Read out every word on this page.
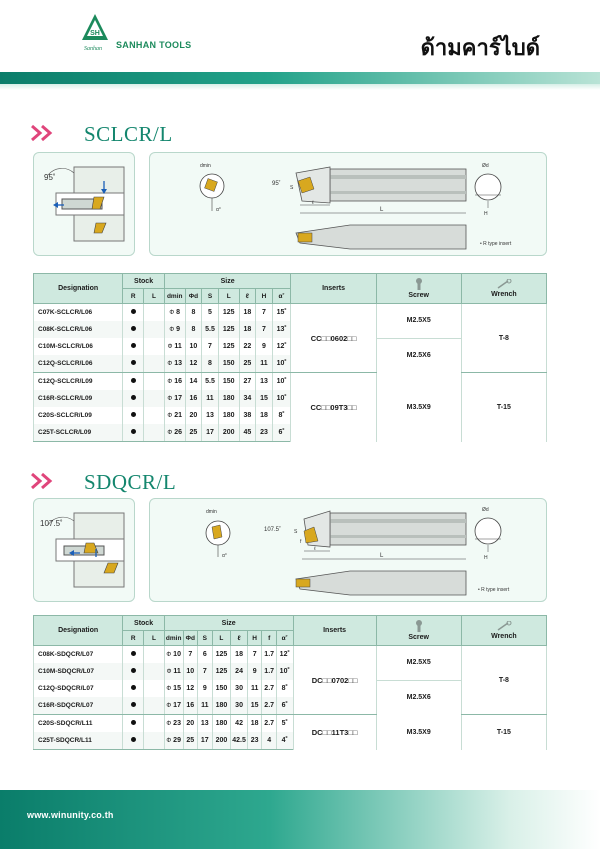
SH
Sanhan SANHAN TOOLS	ด้ามคาร์ไบด์
SCLCR/L
95˚
α°
dmin
L
ℓ
S
H
Ød
95˚
• R type insert
Designation	Stock		Size							Inserts	Screw	Wrench
	R	L	dmin	Φd	S	L	ℓ	H	α˚			
C07K-SCLCR/L06			Φ 8	8	5	125	18	7	15˚	CC□□0602□□	M2.5X5	T-8
C08K-SCLCR/L06			Φ 9	8	5.5	125	18	7	13˚			
C10M-SCLCR/L06			Φ 11	10	7	125	22	9	12˚		M2.5X6	
C12Q-SCLCR/L06			Φ 13	12	8	150	25	11	10˚			
C12Q-SCLCR/L09			Φ 16	14	5.5	150	27	13	10˚	CC□□09T3□□	M3.5X9	T-15
C16R-SCLCR/L09			Φ 17	16	11	180	34	15	10˚			
C20S-SCLCR/L09			Φ 21	20	13	180	38	18	8˚			
C25T-SCLCR/L09			Φ 26	25	17	200	45	23	6˚			
SDQCR/L
107.5˚
α°
dmin
L
ℓ
S
f
H
Ød
107.5˚
• R type insert
Designation	Stock		Size								Inserts	Screw	Wrench
	R	L	dmin	Φd	S	L	ℓ	H	f	α˚			
C08K-SDQCR/L07			Φ 10	7	6	125	18	7	1.7	12˚	DC□□0702□□	M2.5X5	T-8
C10M-SDQCR/L07			Φ 11	10	7	125	24	9	1.7	10˚			
C12Q-SDQCR/L07			Φ 15	12	9	150	30	11	2.7	8˚		M2.5X6	
C16R-SDQCR/L07			Φ 17	16	11	180	30	15	2.7	6˚			
C20S-SDQCR/L11			Φ 23	20	13	180	42	18	2.7	5˚	DC□□11T3□□	M3.5X9	T-15
C25T-SDQCR/L11			Φ 29	25	17	200	42.5	23	4	4˚			
www.winunity.co.th
